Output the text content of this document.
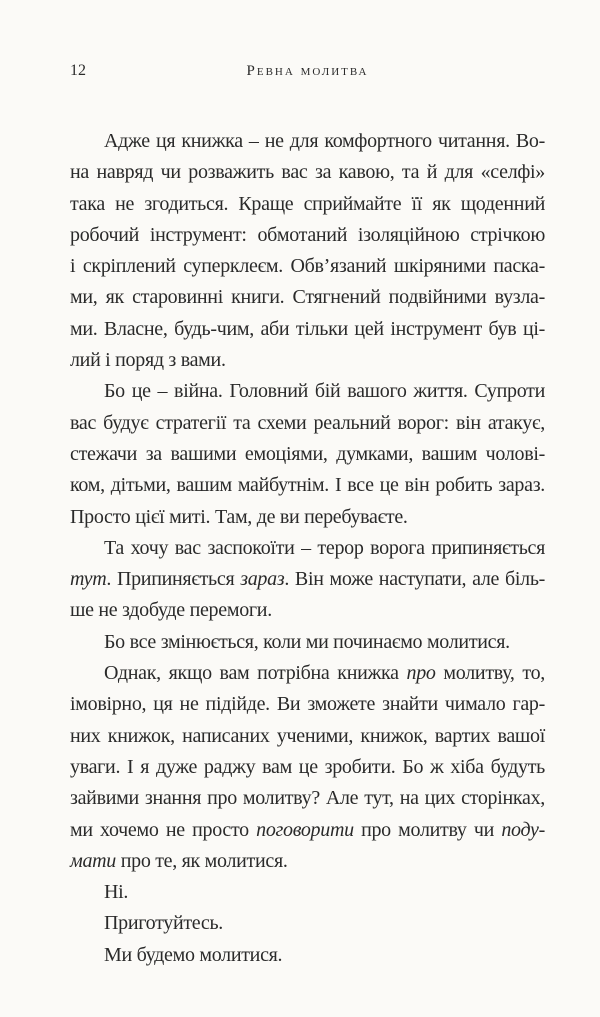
12	Ревна молитва
Адже ця книжка – не для комфортного читання. Во-
на навряд чи розважить вас за кавою, та й для «селфі»
така не згодиться. Краще сприймайте її як щоденний
робочий інструмент: обмотаний ізоляційною стрічкою
і скріплений суперклеєм. Обв’язаний шкіряними паска-
ми, як старовинні книги. Стягнений подвійними вузла-
ми. Власне, будь-чим, аби тільки цей інструмент був ці-
лий і поряд з вами.
Бо це – війна. Головний бій вашого життя. Супроти
вас будує стратегії та схеми реальний ворог: він атакує,
стежачи за вашими емоціями, думками, вашим чолові-
ком, дітьми, вашим майбутнім. І все це він робить зараз.
Просто цієї миті. Там, де ви перебуваєте.
Та хочу вас заспокоїти – терор ворога припиняється
тут. Припиняється зараз. Він може наступати, але біль-
ше не здобуде перемоги.
Бо все змінюється, коли ми починаємо молитися.
Однак, якщо вам потрібна книжка про молитву, то,
імовірно, ця не підійде. Ви зможете знайти чимало гар-
них книжок, написаних ученими, книжок, вартих вашої
уваги. І я дуже раджу вам це зробити. Бо ж хіба будуть
зайвими знання про молитву? Але тут, на цих сторінках,
ми хочемо не просто поговорити про молитву чи поду-
мати про те, як молитися.
Ні.
Приготуйтесь.
Ми будемо молитися.
